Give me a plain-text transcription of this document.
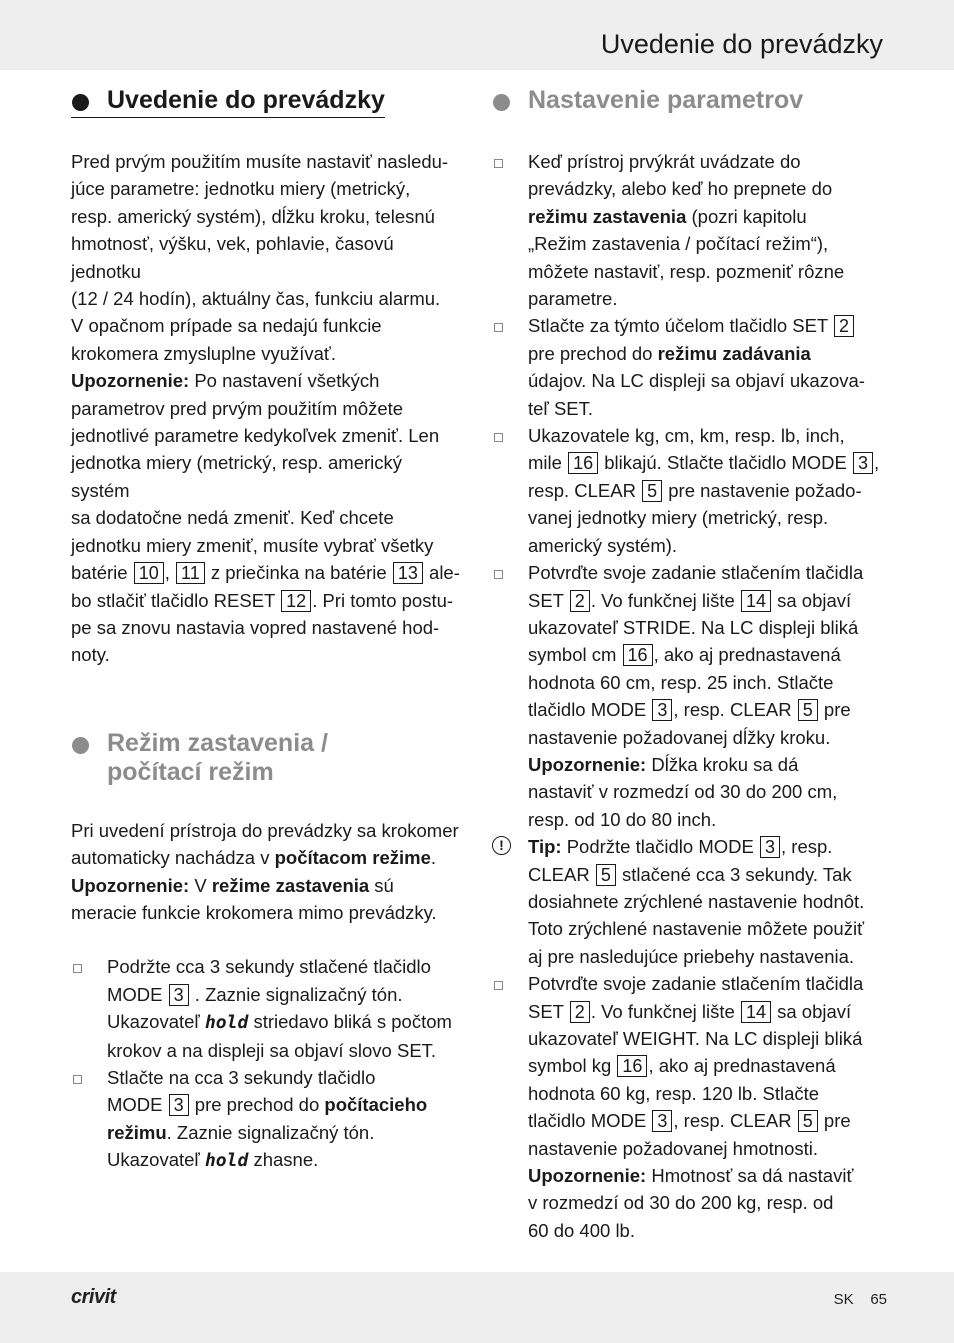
Uvedenie do prevádzky
Uvedenie do prevádzky

Pred prvým použitím musíte nastaviť nasledu-
júce parametre: jednotku miery (metrický,
resp. americký systém), dĺžku kroku, telesnú
hmotnosť, výšku, vek, pohlavie, časovú jednotku
(12 / 24 hodín), aktuálny čas, funkciu alarmu.
V opačnom prípade sa nedajú funkcie
krokomera zmysluplne využívať.
Upozornenie: Po nastavení všetkých
parametrov pred prvým použitím môžete
jednotlivé parametre kedykoľvek zmeniť. Len
jednotka miery (metrický, resp. americký systém
sa dodatočne nedá zmeniť. Keď chcete
jednotku miery zmeniť, musíte vybrať všetky
batérie 10 , 11 z priečinka na batérie 13 ale-
bo stlačiť tlačidlo RESET 12 . Pri tomto postu-
pe sa znovu nastavia vopred nastavené hod-
noty.

Režim zastavenia /
počítací režim

Pri uvedení prístroja do prevádzky sa krokomer
automaticky nachádza v počítacom režime.
Upozornenie: V režime zastavenia sú
meracie funkcie krokomera mimo prevádzky.

Podržte cca 3 sekundy stlačené tlačidlo
MODE 3 . Zaznie signalizačný tón.
Ukazovateľ hold striedavo bliká s počtom
krokov a na displeji sa objaví slovo SET.
Stlačte na cca 3 sekundy tlačidlo
MODE 3 pre prechod do počítacieho
režimu. Zaznie signalizačný tón.
Ukazovateľ hold zhasne.
Nastavenie parametrov
Keď prístroj prvýkrát uvádzate do
prevádzky, alebo keď ho prepnete do
režimu zastavenia (pozri kapitolu
„Režim zastavenia / počítací režim“),
môžete nastaviť, resp. pozmeniť rôzne
parametre.
Stlačte za týmto účelom tlačidlo SET 2
pre prechod do režimu zadávania
údajov. Na LC displeji sa objaví ukazova-
teľ SET.
Ukazovatele kg, cm, km, resp. lb, inch,
mile 16 blikajú. Stlačte tlačidlo MODE 3 ,
resp. CLEAR 5 pre nastavenie požado-
vanej jednotky miery (metrický, resp.
americký systém).
Potvrďte svoje zadanie stlačením tlačidla
SET 2 . Vo funkčnej lište 14 sa objaví
ukazovateľ STRIDE. Na LC displeji bliká
symbol cm 16 , ako aj prednastavená
hodnota 60 cm, resp. 25 inch. Stlačte
tlačidlo MODE 3 , resp. CLEAR 5 pre
nastavenie požadovanej dĺžky kroku.
Upozornenie: Dĺžka kroku sa dá
nastaviť v rozmedzí od 30 do 200 cm,
resp. od 10 do 80 inch.
!	Tip: Podržte tlačidlo MODE 3 , resp.
CLEAR 5 stlačené cca 3 sekundy. Tak
dosiahnete zrýchlené nastavenie hodnôt.
Toto zrýchlené nastavenie môžete použiť
aj pre nasledujúce priebehy nastavenia.
Potvrďte svoje zadanie stlačením tlačidla
SET 2 . Vo funkčnej lište 14 sa objaví
ukazovateľ WEIGHT. Na LC displeji bliká
symbol kg 16 , ako aj prednastavená
hodnota 60 kg, resp. 120 lb. Stlačte
tlačidlo MODE 3 , resp. CLEAR 5 pre
nastavenie požadovanej hmotnosti.
Upozornenie: Hmotnosť sa dá nastaviť
v rozmedzí od 30 do 200 kg, resp. od
60 do 400 lb.
crivit	SK 65
